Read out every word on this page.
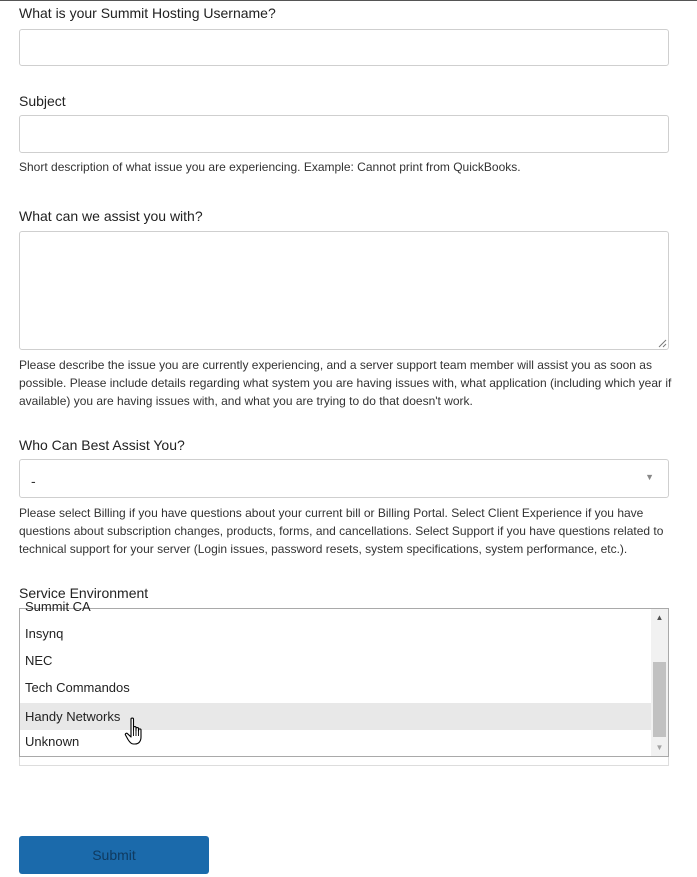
What is your Summit Hosting Username?
Subject
Short description of what issue you are experiencing. Example: Cannot print from QuickBooks.
What can we assist you with?
Please describe the issue you are currently experiencing, and a server support team member will assist you as soon as possible. Please include details regarding what system you are having issues with, what application (including which year if available) you are having issues with, and what you are trying to do that doesn't work.
Who Can Best Assist You?
-	▼
Please select Billing if you have questions about your current bill or Billing Portal. Select Client Experience if you have questions about subscription changes, products, forms, and cancellations. Select Support if you have questions related to technical support for your server (Login issues, password resets, system specifications, system performance, etc.).
Service Environment
Summit CA
Insynq
NEC
Tech Commandos
Handy Networks
Unknown
▲
▼
Submit
